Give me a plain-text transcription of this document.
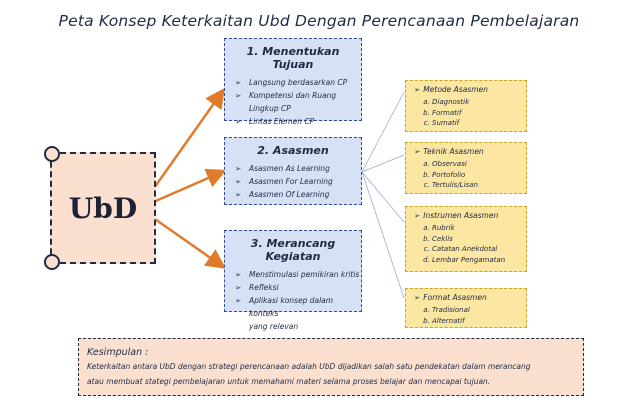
Peta Konsep Keterkaitan Ubd Dengan Perencanaan Pembelajaran
UbD
1. Menentukan Tujuan
➢	Langsung berdasarkan CP
➢	Kompetensi dan Ruang
Lingkup CP
➢	Lintas Elemen CP
2. Asasmen
➢	Asasmen As Learning
➢	Asasmen For Learning
➢	Asasmen Of Learning
3. Merancang Kegiatan
➢	Menstimulasi pemikiran kritis
➢	Refleksi
➢	Aplikasi konsep dalam konteks
yang relevan
➢ Metode Asasmen
a. Diagnostik
b. Formatif
c. Sumatif
➢ Teknik Asasmen
a. Observasi
b. Portofolio
c. Tertulis/Lisan
➢ Instrumen Asasmen
a. Rubrik
b. Ceklis
c. Catatan Anekdotal
d. Lembar Pengamatan
➢ Format Asasmen
a. Tradisional
b. Alternatif
Kesimpulan :
Keterkaitan antara UbD dengan strategi perencanaan adalah UbD dijadikan salah satu pendekatan dalam merancang
atau membuat stategi pembelajaran untuk memahami materi selama proses belajar dan mencapai tujuan.
